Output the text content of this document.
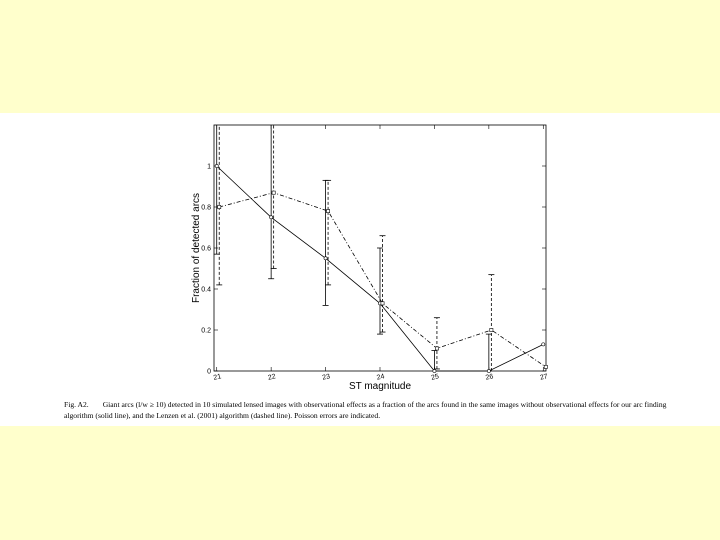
21	22	23	24	25	26	27
0
0.2
0.4
0.6
0.8
1
ST magnitude
Fraction of detected arcs

Fig. A2. Giant arcs (l/w ≥ 10) detected in 10 simulated lensed images with observational effects as a fraction of the arcs found in the same images without observational effects for our arc finding algorithm (solid line), and the Lenzen et al. (2001) algorithm (dashed line). Poisson errors are indicated.
